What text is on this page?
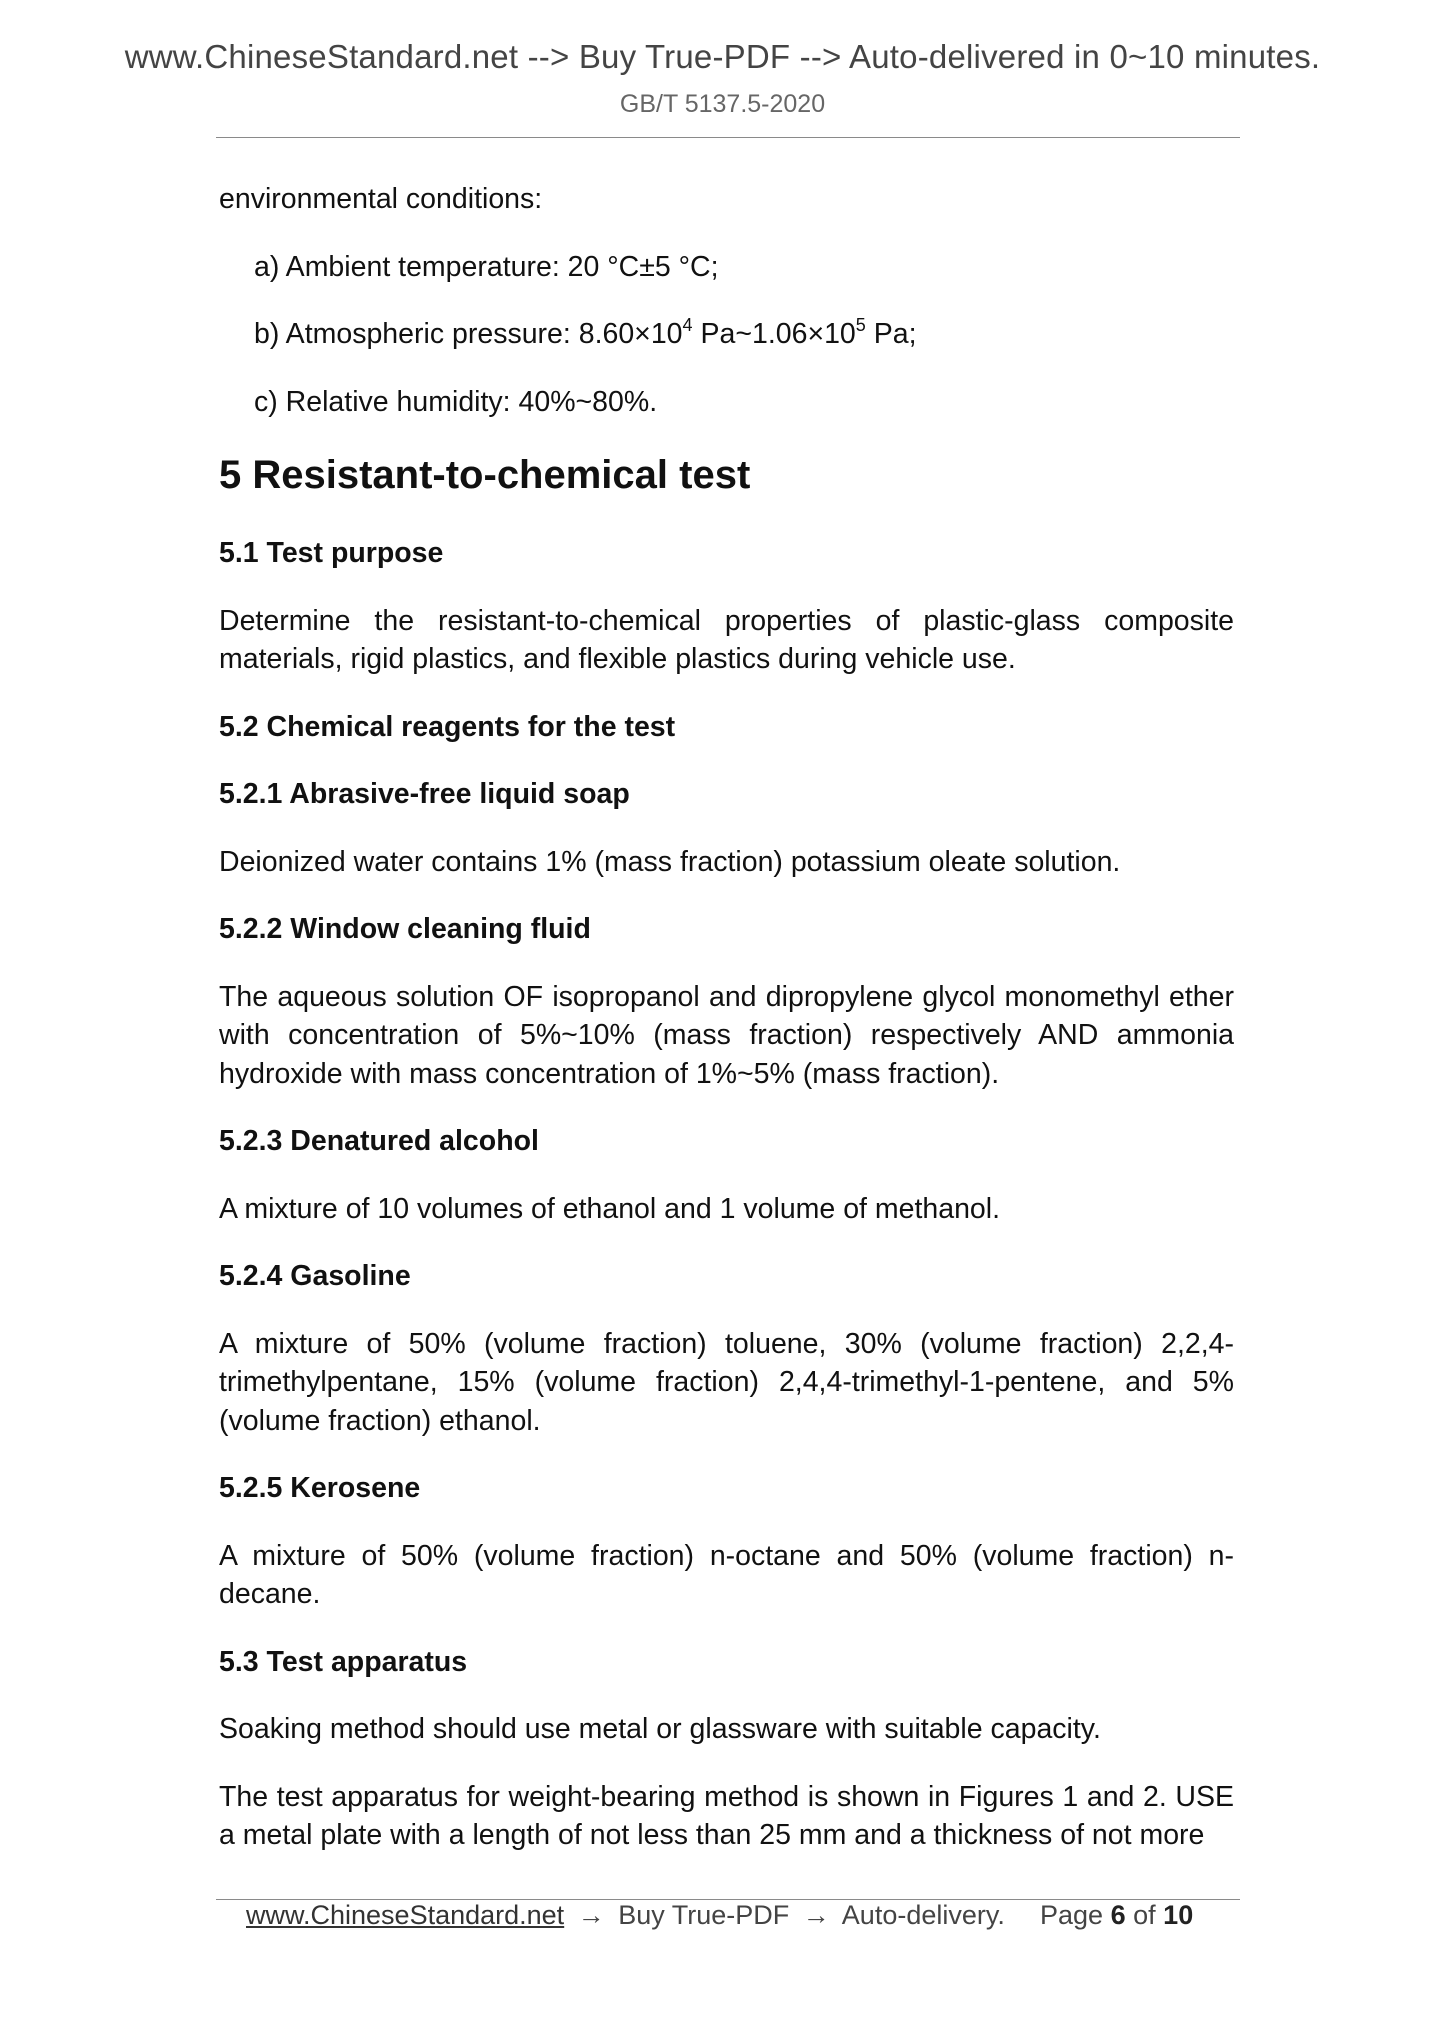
www.ChineseStandard.net --> Buy True-PDF --> Auto-delivered in 0~10 minutes.
GB/T 5137.5-2020

environmental conditions:

a) Ambient temperature: 20 °C±5 °C;

b) Atmospheric pressure: $8.60\times 10^4$ $Pa\sim 1.06\times 10^5$ Pa;

c) Relative humidity: 40%~80%.

5 Resistant-to-chemical test
5.1 Test purpose

Determine the resistant-to-chemical properties of plastic-glass composite materials, rigid plastics, and flexible plastics during vehicle use.

5.2 Chemical reagents for the test
5.2.1 Abrasive-free liquid soap

Deionized water contains 1% (mass fraction) potassium oleate solution.

5.2.2 Window cleaning fluid

The aqueous solution OF isopropanol and dipropylene glycol monomethyl ether with concentration of 5%~10% (mass fraction) respectively AND ammonia hydroxide with mass concentration of 1%~5% (mass fraction).

5.2.3 Denatured alcohol

A mixture of 10 volumes of ethanol and 1 volume of methanol.

5.2.4 Gasoline

A mixture of 50% (volume fraction) toluene, 30% (volume fraction) 2,2,4-trimethylpentane, 15% (volume fraction) 2,4,4-trimethyl-1-pentene, and 5% (volume fraction) ethanol.

5.2.5 Kerosene

A mixture of 50% (volume fraction) n-octane and 50% (volume fraction) n-decane.

5.3 Test apparatus

Soaking method should use metal or glassware with suitable capacity.

The test apparatus for weight-bearing method is shown in Figures 1 and 2. USE a metal plate with a length of not less than 25 mm and a thickness of not more

www.ChineseStandard.net → Buy True-PDF → Auto-delivery. Page 6 of 10
